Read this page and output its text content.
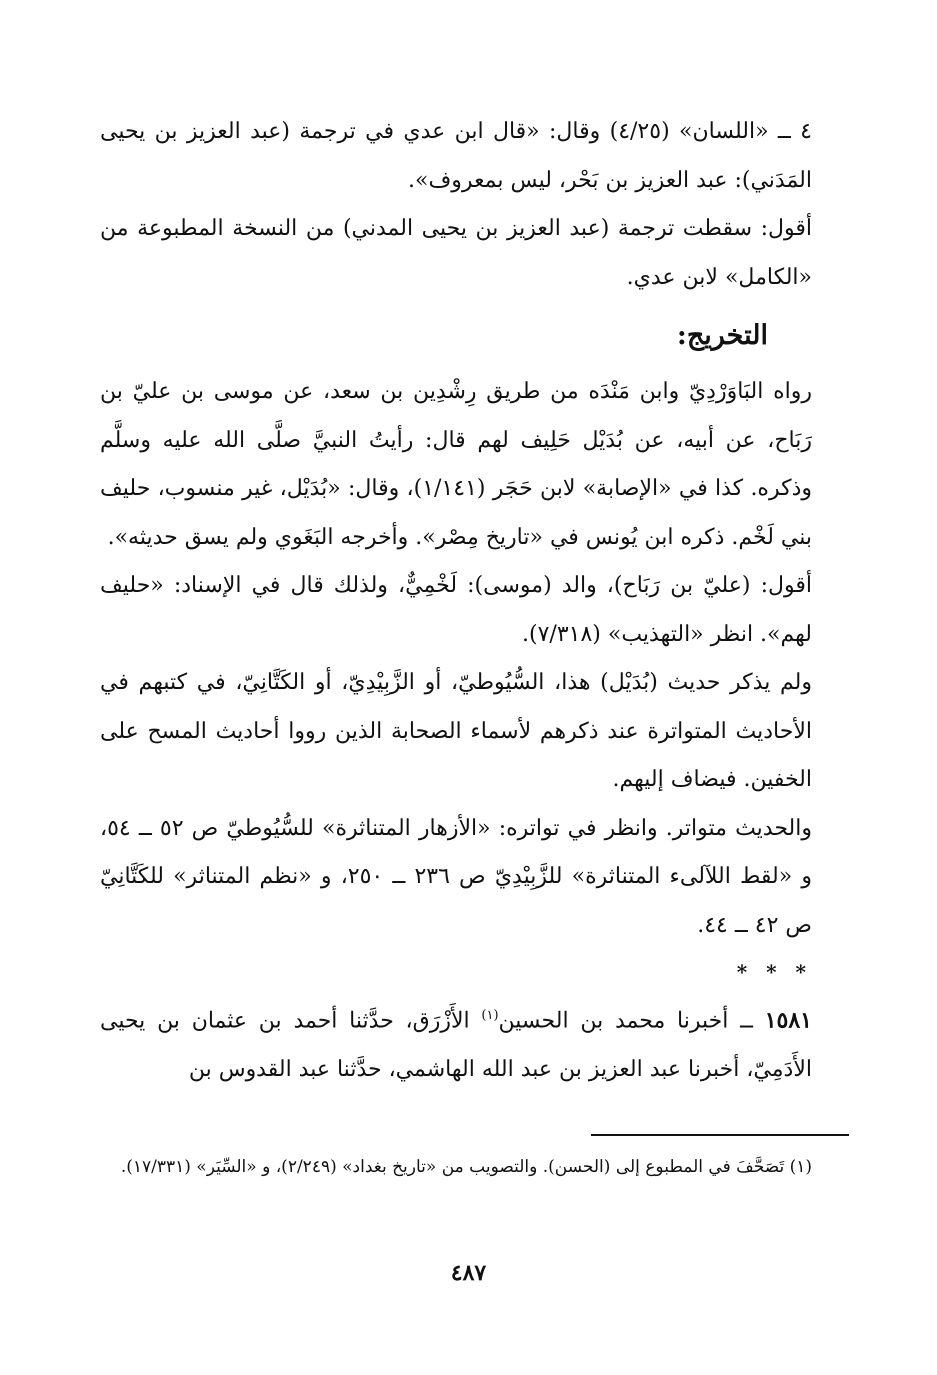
٤ ــ «اللسان» (٤/٢٥) وقال: «قال ابن عدي في ترجمة (عبد العزيز بن يحيى المَدَني): عبد العزيز بن بَحْر، ليس بمعروف».

أقول: سقطت ترجمة (عبد العزيز بن يحيى المدني) من النسخة المطبوعة من «الكامل» لابن عدي.

التخريج:

رواه البَاوَرْدِيّ وابن مَنْدَه من طريق رِشْدِين بن سعد، عن موسى بن عليّ بن رَبَاح، عن أبيه، عن بُدَيْل حَلِيف لهم قال: رأيتُ النبيَّ صلَّى الله عليه وسلَّم وذكره. كذا في «الإصابة» لابن حَجَر (١/١٤١)، وقال: «بُدَيْل، غير منسوب، حليف بني لَخْم. ذكره ابن يُونس في «تاريخ مِصْر». وأخرجه البَغَوي ولم يسق حديثه».

أقول: (عليّ بن رَبَاح)، والد (موسى): لَخْمِيٌّ، ولذلك قال في الإسناد: «حليف لهم». انظر «التهذيب» (٧/٣١٨).

ولم يذكر حديث (بُدَيْل) هذا، السُّيُوطيّ، أو الزَّبِيْدِيّ، أو الكَتَّانِيّ، في كتبهم في الأحاديث المتواترة عند ذكرهم لأسماء الصحابة الذين رووا أحاديث المسح على الخفين. فيضاف إليهم.

والحديث متواتر. وانظر في تواتره: «الأزهار المتناثرة» للسُّيُوطيّ ص ٥٢ ــ ٥٤، و «لقط اللآلىء المتناثرة» للزَّبِيْدِيّ ص ٢٣٦ ــ ٢٥٠، و «نظم المتناثر» للكَتَّانِيّ ص ٤٢ ــ ٤٤.

* * *

١٥٨١ ــ أخبرنا محمد بن الحسين$^{(١)}$ الأَزْرَق، حدَّثنا أحمد بن عثمان بن يحيى الأَدَمِيّ، أخبرنا عبد العزيز بن عبد الله الهاشمي، حدَّثنا عبد القدوس بن

(١) تَصَحَّفَ في المطبوع إلى (الحسن). والتصويب من «تاريخ بغداد» (٢/٢٤٩)، و «السِّيَر» (١٧/٣٣١).
٤٨٧
